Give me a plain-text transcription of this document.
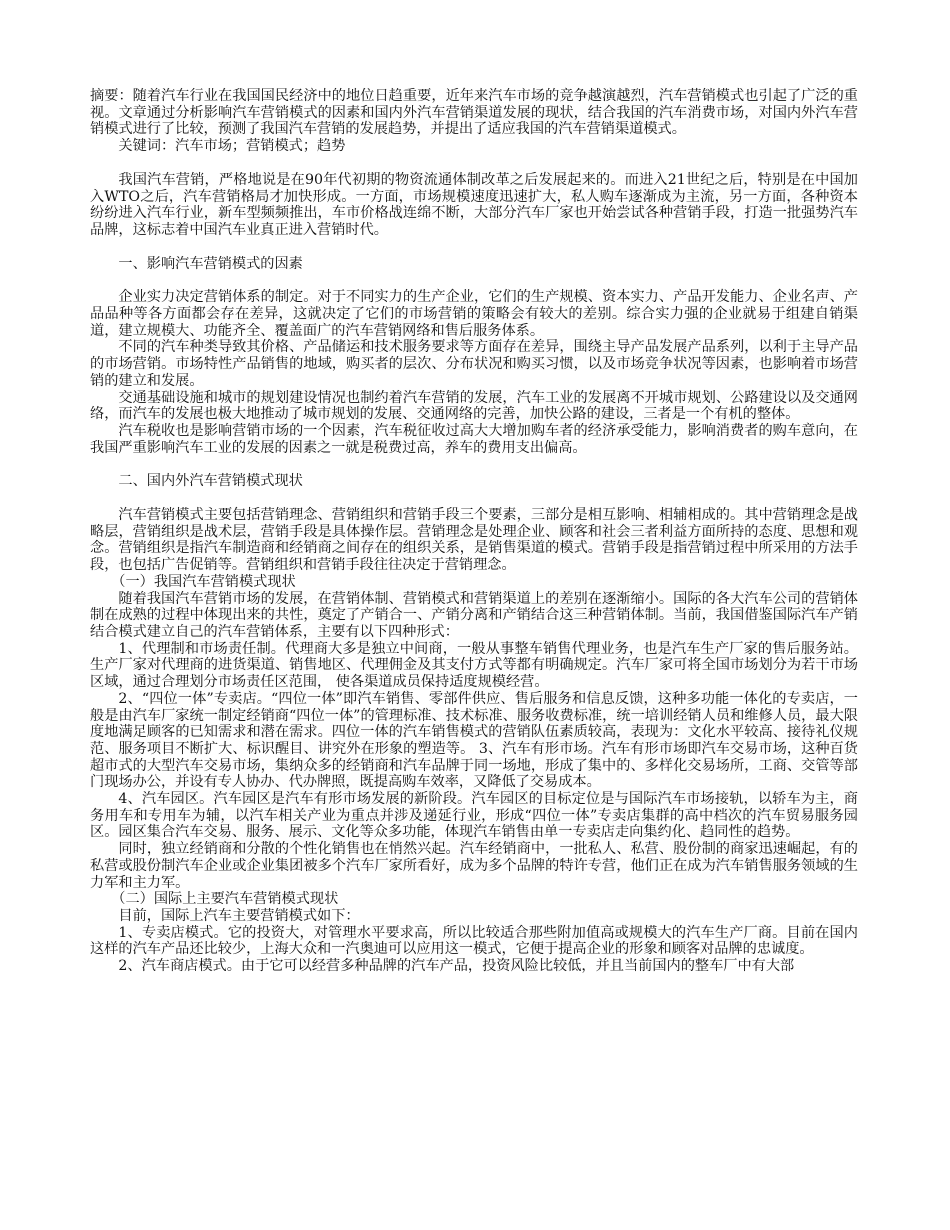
摘要：随着汽车行业在我国国民经济中的地位日趋重要，近年来汽车市场的竞争越演越烈，汽车营销模式也引起了广泛的重视。文章通过分析影响汽车营销模式的因素和国内外汽车营销渠道发展的现状，结合我国的汽车消费市场，对国内外汽车营销模式进行了比较，预测了我国汽车营销的发展趋势，并提出了适应我国的汽车营销渠道模式。

关键词：汽车市场；营销模式；趋势

我国汽车营销，严格地说是在90年代初期的物资流通体制改革之后发展起来的。而进入21世纪之后，特别是在中国加入WTO之后，汽车营销格局才加快形成。一方面，市场规模速度迅速扩大，私人购车逐渐成为主流，另一方面，各种资本纷纷进入汽车行业，新车型频频推出，车市价格战连绵不断，大部分汽车厂家也开始尝试各种营销手段，打造一批强势汽车品牌，这标志着中国汽车业真正进入营销时代。

一、影响汽车营销模式的因素

企业实力决定营销体系的制定。对于不同实力的生产企业，它们的生产规模、资本实力、产品开发能力、企业名声、产品品种等各方面都会存在差异，这就决定了它们的市场营销的策略会有较大的差别。综合实力强的企业就易于组建自销渠道，建立规模大、功能齐全、覆盖面广的汽车营销网络和售后服务体系。

不同的汽车种类导致其价格、产品储运和技术服务要求等方面存在差异，围绕主导产品发展产品系列，以利于主导产品的市场营销。市场特性产品销售的地域，购买者的层次、分布状况和购买习惯，以及市场竞争状况等因素，也影响着市场营销的建立和发展。

交通基础设施和城市的规划建设情况也制约着汽车营销的发展，汽车工业的发展离不开城市规划、公路建设以及交通网络，而汽车的发展也极大地推动了城市规划的发展、交通网络的完善，加快公路的建设，三者是一个有机的整体。

汽车税收也是影响营销市场的一个因素，汽车税征收过高大大增加购车者的经济承受能力，影响消费者的购车意向，在我国严重影响汽车工业的发展的因素之一就是税费过高，养车的费用支出偏高。

二、国内外汽车营销模式现状

汽车营销模式主要包括营销理念、营销组织和营销手段三个要素，三部分是相互影响、相辅相成的。其中营销理念是战略层，营销组织是战术层，营销手段是具体操作层。营销理念是处理企业、顾客和社会三者利益方面所持的态度、思想和观念。营销组织是指汽车制造商和经销商之间存在的组织关系，是销售渠道的模式。营销手段是指营销过程中所采用的方法手段，也包括广告促销等。营销组织和营销手段往往决定于营销理念。

（一）我国汽车营销模式现状

随着我国汽车营销市场的发展，在营销体制、营销模式和营销渠道上的差别在逐渐缩小。国际的各大汽车公司的营销体制在成熟的过程中体现出来的共性，奠定了产销合一、产销分离和产销结合这三种营销体制。当前，我国借鉴国际汽车产销结合模式建立自己的汽车营销体系，主要有以下四种形式：

1、代理制和市场责任制。代理商大多是独立中间商，一般从事整车销售代理业务，也是汽车生产厂家的售后服务站。生产厂家对代理商的进货渠道、销售地区、代理佣金及其支付方式等都有明确规定。汽车厂家可将全国市场划分为若干市场区域，通过合理划分市场责任区范围， 使各渠道成员保持适度规模经营。

2、“四位一体”专卖店。“四位一体”即汽车销售、零部件供应、售后服务和信息反馈，这种多功能一体化的专卖店，一般是由汽车厂家统一制定经销商“四位一体”的管理标准、技术标准、服务收费标准，统一培训经销人员和维修人员，最大限度地满足顾客的已知需求和潜在需求。四位一体的汽车销售模式的营销队伍素质较高，表现为：文化水平较高、接待礼仪规范、服务项目不断扩大、标识醒目、讲究外在形象的塑造等。 3、汽车有形市场。汽车有形市场即汽车交易市场，这种百货超市式的大型汽车交易市场，集纳众多的经销商和汽车品牌于同一场地，形成了集中的、多样化交易场所，工商、交管等部门现场办公，并设有专人协办、代办牌照，既提高购车效率，又降低了交易成本。

4、汽车园区。汽车园区是汽车有形市场发展的新阶段。汽车园区的目标定位是与国际汽车市场接轨，以轿车为主，商务用车和专用车为辅，以汽车相关产业为重点并涉及递延行业，形成“四位一体”专卖店集群的高中档次的汽车贸易服务园区。园区集合汽车交易、服务、展示、文化等众多功能，体现汽车销售由单一专卖店走向集约化、趋同性的趋势。

同时，独立经销商和分散的个性化销售也在悄然兴起。汽车经销商中，一批私人、私营、股份制的商家迅速崛起，有的私营或股份制汽车企业或企业集团被多个汽车厂家所看好，成为多个品牌的特许专营，他们正在成为汽车销售服务领域的生力军和主力军。

（二）国际上主要汽车营销模式现状

目前，国际上汽车主要营销模式如下：

1、专卖店模式。它的投资大，对管理水平要求高，所以比较适合那些附加值高或规模大的汽车生产厂商。目前在国内这样的汽车产品还比较少，上海大众和一汽奥迪可以应用这一模式，它便于提高企业的形象和顾客对品牌的忠诚度。

2、汽车商店模式。由于它可以经营多种品牌的汽车产品，投资风险比较低，并且当前国内的整车厂中有大部
